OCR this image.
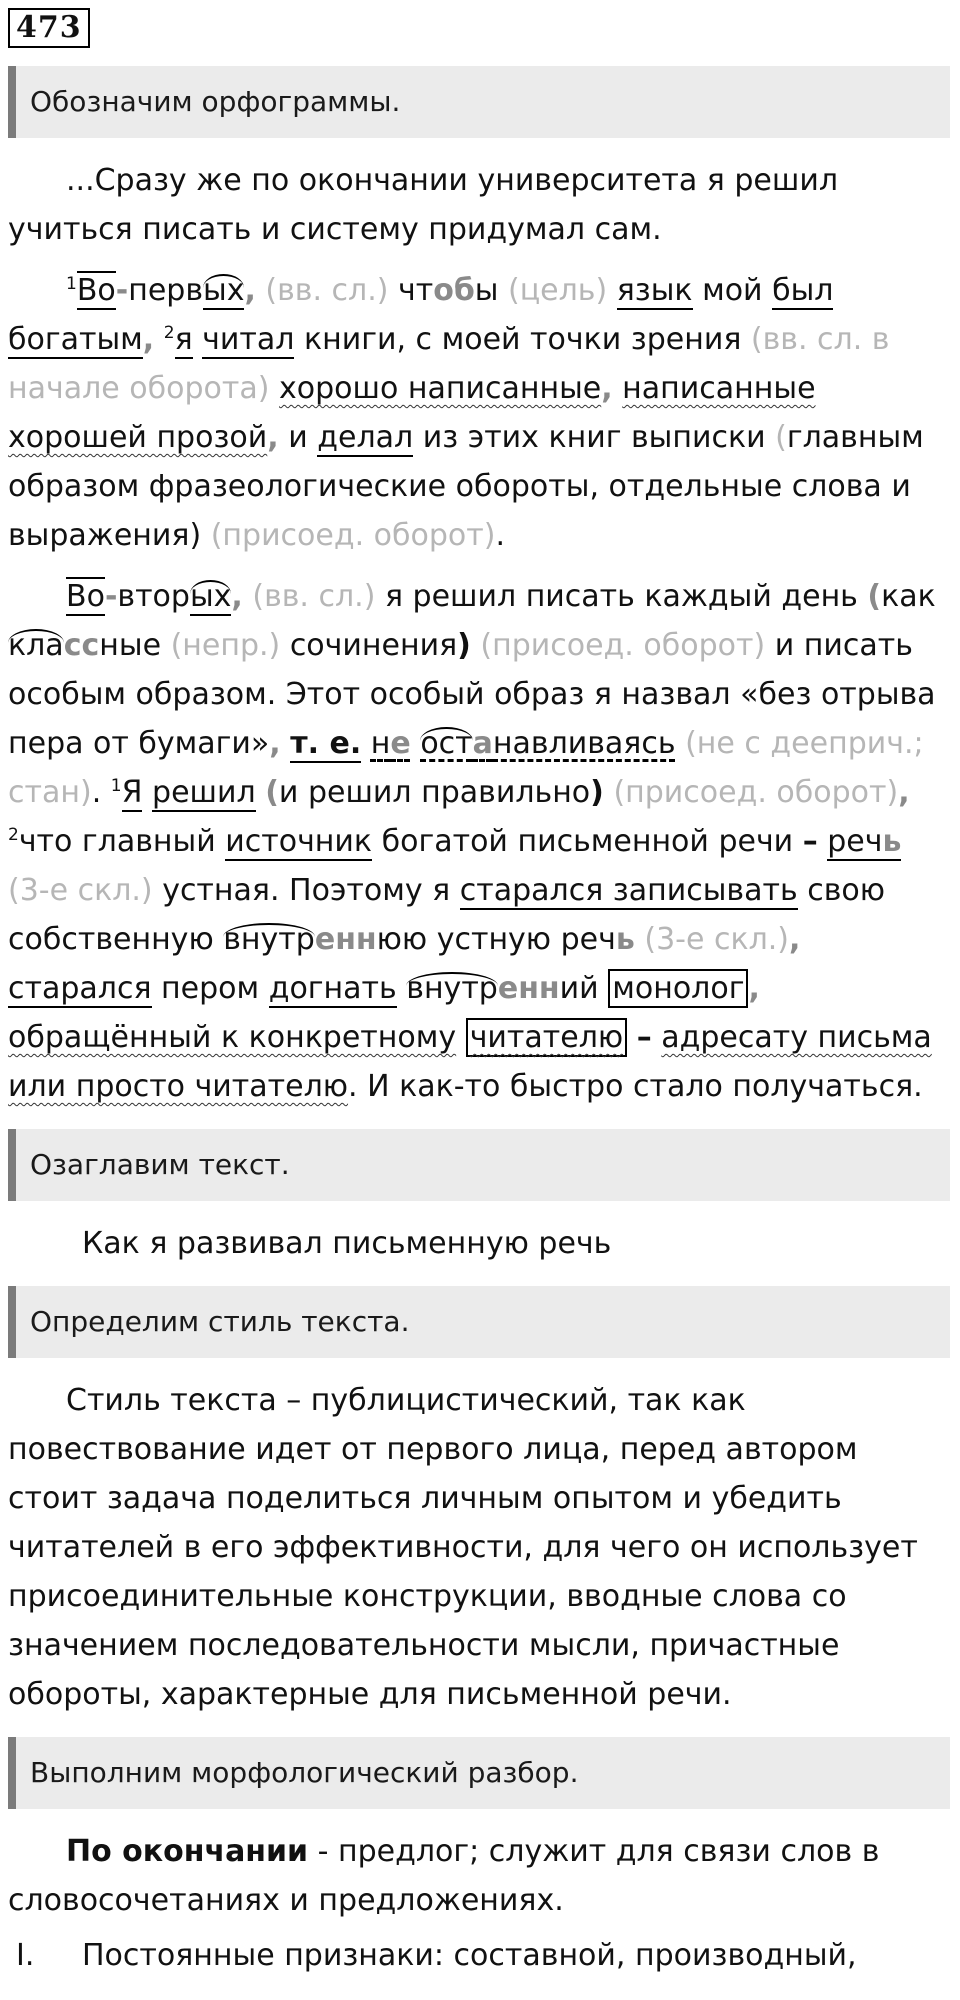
473
Обозначим орфограммы.

...Сразу же по окончании университета я решил учиться писать и систему придумал сам.

$^1$Во-первых, (вв. сл.) чтобы (цель) язык мой был богатым, $^2$я читал книги, с моей точки зрения (вв. сл. в начале оборота) хорошо написанные, написанные хорошей прозой, и делал из этих книг выписки (главным образом фразеологические обороты, отдельные слова и выражения) (присоед. оборот).

Во-вторых, (вв. сл.) я решил писать каждый день (как классные (непр.) сочинения) (присоед. оборот) и писать особым образом. Этот особый образ я назвал «без отрыва пера от бумаги», т. е. не останавливаясь (не с дееприч.; стан). $^1$Я решил (и решил правильно) (присоед. оборот), $^2$что главный источник богатой письменной речи – речь (3-е скл.) устная. Поэтому я старался записывать свою собственную внутреннюю устную речь (3-е скл.), старался пером догнать внутренний монолог , обращённый к конкретному читателю – адресату письма или просто читателю. И как-то быстро стало получаться.

Озаглавим текст.
Как я развивал письменную речь
Определим стиль текста.

Стиль текста – публицистический, так как повествование идет от первого лица, перед автором стоит задача поделиться личным опытом и убедить читателей в его эффективности, для чего он использует присоединительные конструкции, вводные слова со значением последовательности мысли, причастные обороты, характерные для письменной речи.

Выполним морфологический разбор.

По окончании - предлог; служит для связи слов в словосочетаниях и предложениях.

I. Постоянные признаки: составной, производный,
